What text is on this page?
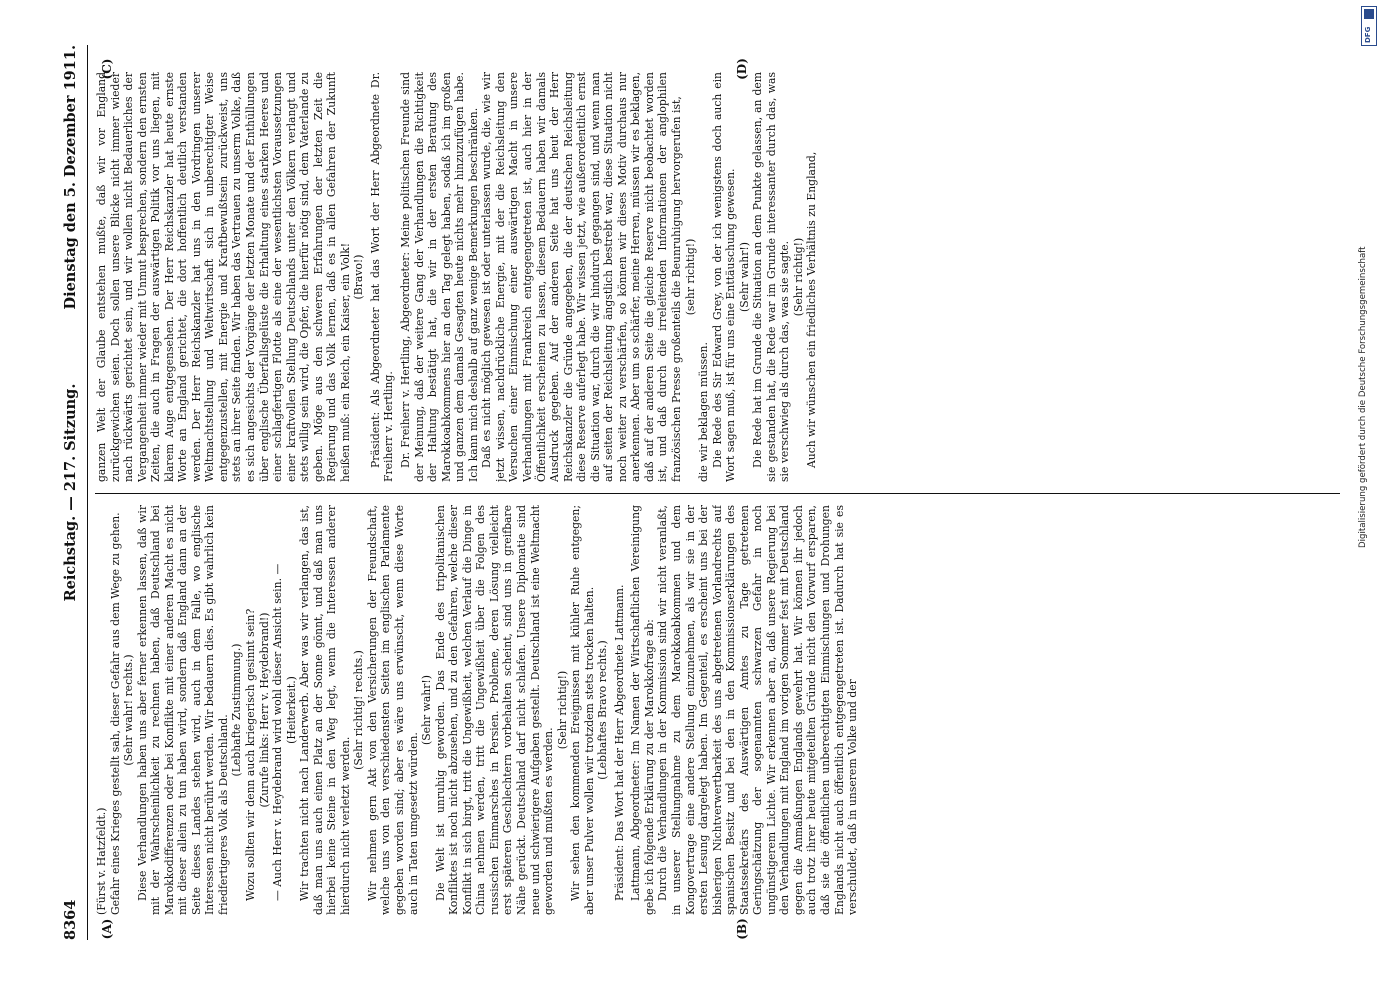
8364
Reichstag. — 217. Sitzung.
Dienstag den 5. Dezember 1911.
(A)	(B)
(C)	(D)

(Fürst v. Hatzfeldt.) Gefahr eines Krieges gestellt sah, dieser Gefahr aus dem Wege zu gehen. (Sehr wahr! rechts.) Diese Verhandlungen haben uns aber ferner erkennen lassen, daß wir mit der Wahrscheinlichkeit zu rechnen haben, daß Deutschland bei Marokkodifferenzen oder bei Konflikte mit einer anderen Macht es nicht mit dieser allein zu tun haben wird, sondern daß England dann an der Seite dieses Landes stehen wird, auch in dem Falle, wo englische Interessen nicht berührt werden. Wir bedauern dies. Es gibt wahrlich kein friedfertigeres Volk als Deutschland.

(Lebhafte Zustimmung.) Wozu sollten wir denn auch kriegerisch gesinnt sein? (Zurufe links: Herr v. Heydebrand!) — Auch Herr v. Heydebrand wird wohl dieser Ansicht sein. — (Heiterkeit.) Wir trachten nicht nach Landerwerb. Aber was wir verlangen, das ist, daß man uns auch einen Platz an der Sonne gönnt, und daß man uns hierbei keine Steine in den Weg legt, wenn die Interessen anderer hierdurch nicht verletzt werden.

(Sehr richtig! rechts.) Wir nehmen gern Akt von den Versicherungen der Freundschaft, welche uns von den verschiedensten Seiten im englischen Parlamente gegeben worden sind; aber es wäre uns erwünscht, wenn diese Worte auch in Taten umgesetzt würden.

(Sehr wahr!) Die Welt ist unruhig geworden. Das Ende des tripolitanischen Konfliktes ist noch nicht abzusehen, und zu den Gefahren, welche dieser Konflikt in sich birgt, tritt die Ungewißheit, welchen Verlauf die Dinge in China nehmen werden, tritt die Ungewißheit über die Folgen des russischen Einmarsches in Persien. Probleme, deren Lösung vielleicht erst späteren Geschlechtern vorbehalten scheint, sind uns in greifbare Nähe gerückt. Deutschland darf nicht schlafen. Unsere Diplomatie sind neue und schwierigere Aufgaben gestellt. Deutschland ist eine Weltmacht geworden und mußten es werden.

(Sehr richtig!) Wir sehen den kommenden Ereignissen mit kühler Ruhe entgegen; aber unser Pulver wollen wir trotzdem stets trocken halten. (Lebhaftes Bravo rechts.) Präsident: Das Wort hat der Herr Abgeordnete Lattmann. Lattmann, Abgeordneter: Im Namen der Wirtschaftlichen Vereinigung gebe ich folgende Erklärung zu der Marokkofrage ab: Durch die Verhandlungen in der Kommission sind wir nicht veranlaßt, in unserer Stellungnahme zu dem Marokkoabkommen und dem Kongovertrage eine andere Stellung einzunehmen, als wir sie in der ersten Lesung dargelegt haben. Im Gegenteil, es erscheint uns bei der bisherigen Nichtverwertbarkeit des uns abgetretenen Vorlandrechts auf spanischen Besitz und bei den in den Kommissionserklärungen des Staatssekretärs des Auswärtigen Amtes zu Tage getretenen Geringschätzung der sogenannten schwarzen Gefahr in noch ungünstigerem Lichte. Wir erkennen aber an, daß unsere Regierung bei den Verhandlungen mit England im vorigen Sommer fest mit Deutschland gegen die Anmaßungen Englands gewehrt hat. Wir können ihr jedoch auch trotz ihrer heute mitgeteilten Gründe nicht den Vorwurf ersparen, daß sie die öffentlichen unberechtigten Einmischungen und Drohungen Englands nicht auch öffentlich entgegengetreten ist. Dadurch hat sie es verschuldet, daß in unserem Volke und der

ganzen Welt der Glaube entstehen mußte, daß wir vor England zurückgewichen seien. Doch sollen unsere Blicke nicht immer wieder nach rückwärts gerichtet sein, und wir wollen nicht Bedauerliches der Vergangenheit immer wieder mit Unmut besprechen, sondern den ernsten Zeiten, die auch in Fragen der auswärtigen Politik vor uns liegen, mit klarem Auge entgegensehen. Der Herr Reichskanzler hat heute ernste Worte an England gerichtet, die dort hoffentlich deutlich verstanden werden. Der Herr Reichskanzler hat uns in den Vordringen unserer Weltmachtstellung und Weltwirtschaft sich in unberechtigter Weise entgegenzustellen, mit Energie und Kraftbewußtsein zurückweist, uns stets an ihrer Seite finden. Wir haben das Vertrauen zu unserm Volke, daß es sich angesichts der Vorgänge der letzten Monate und der Enthüllungen über englische Überfallsgelüste die Erhaltung eines starken Heeres und einer schlagfertigen Flotte als eine der wesentlichsten Voraussetzungen einer kraftvollen Stellung Deutschlands unter den Völkern verlangt und stets willig sein wird, die Opfer, die hierfür nötig sind, dem Vaterlande zu geben. Möge aus den schweren Erfahrungen der letzten Zeit die Regierung und das Volk lernen, daß es in allen Gefahren der Zukunft heißen muß: ein Reich, ein Kaiser, ein Volk! (Bravo!) Präsident: Als Abgeordneter hat das Wort der Herr Abgeordnete Dr. Freiherr v. Hertling. Dr. Freiherr v. Hertling, Abgeordneter: Meine politischen Freunde sind der Meinung, daß der weitere Gang der Verhandlungen die Richtigkeit der Haltung bestätigt hat, die wir in der ersten Beratung des Marokkoabkommens hier an den Tag gelegt haben, sodaß ich im großen und ganzen dem damals Gesagten heute nichts mehr hinzuzufügen habe. Ich kann mich deshalb auf ganz wenige Bemerkungen beschränken. Daß es nicht möglich gewesen ist oder unterlassen wurde, die, wie wir jetzt wissen, nachdrückliche Energie, mit der die Reichsleitung den Versuchen einer Einmischung einer auswärtigen Macht in unsere Verhandlungen mit Frankreich entgegengetreten ist, auch hier in der Öffentlichkeit erscheinen zu lassen, diesem Bedauern haben wir damals Ausdruck gegeben. Auf der anderen Seite hat uns heut der Herr Reichskanzler die Gründe angegeben, die der deutschen Reichsleitung diese Reserve auferlegt habe. Wir wissen jetzt, wie außerordentlich ernst die Situation war, durch die wir hindurch gegangen sind, und wenn man auf seiten der Reichsleitung ängstlich bestrebt war, diese Situation nicht noch weiter zu verschärfen, so können wir dieses Motiv durchaus nur anerkennen. Aber um so schärfer, meine Herren, müssen wir es beklagen, daß auf der anderen Seite die gleiche Reserve nicht beobachtet worden ist, und daß durch die irreleitenden Informationen der anglophilen französischen Presse großenteils die Beunruhigung hervorgerufen ist, (sehr richtig!)

die wir beklagen müssen. Die Rede des Sir Edward Grey, von der ich wenigstens doch auch ein Wort sagen muß, ist für uns eine Enttäuschung gewesen. (Sehr wahr!) Die Rede hat im Grunde die Situation an dem Punkte gelassen, an dem sie gestanden hat, die Rede war im Grunde interessanter durch das, was sie verschwieg als durch das, was sie sagte. (Sehr richtig!) Auch wir wünschen ein friedliches Verhältnis zu England,

DFG
Digitalisierung gefördert durch die Deutsche Forschungsgemeinschaft
